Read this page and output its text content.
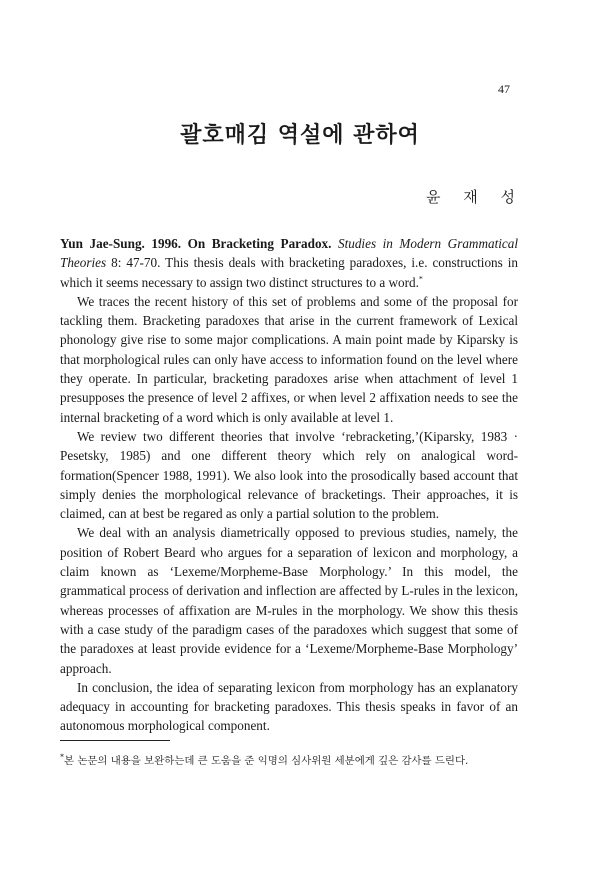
47
괄호매김 역설에 관하여
윤 재 성

Yun Jae-Sung. 1996. On Bracketing Paradox. Studies in Modern Grammatical Theories 8: 47-70. This thesis deals with bracketing paradoxes, i.e. constructions in which it seems necessary to assign two distinct structures to a word.*

We traces the recent history of this set of problems and some of the proposal for tackling them. Bracketing paradoxes that arise in the current framework of Lexical phonology give rise to some major complications. A main point made by Kiparsky is that morphological rules can only have access to information found on the level where they operate. In particular, bracketing paradoxes arise when attachment of level 1 presupposes the presence of level 2 affixes, or when level 2 affixation needs to see the internal bracketing of a word which is only available at level 1.

We review two different theories that involve ‘rebracketing,’(Kiparsky, 1983 · Pesetsky, 1985) and one different theory which rely on analogical word-formation(Spencer 1988, 1991). We also look into the prosodically based account that simply denies the morphological relevance of bracketings. Their approaches, it is claimed, can at best be regared as only a partial solution to the problem.

We deal with an analysis diametrically opposed to previous studies, namely, the position of Robert Beard who argues for a separation of lexicon and morphology, a claim known as ‘Lexeme/Morpheme-Base Morphology.’ In this model, the grammatical process of derivation and inflection are affected by L-rules in the lexicon, whereas processes of affixation are M-rules in the morphology. We show this thesis with a case study of the paradigm cases of the paradoxes which suggest that some of the paradoxes at least provide evidence for a ‘Lexeme/Morpheme-Base Morphology’ approach.

In conclusion, the idea of separating lexicon from morphology has an explanatory adequacy in accounting for bracketing paradoxes. This thesis speaks in favor of an autonomous morphological component.

*본 논문의 내용을 보완하는데 큰 도움을 준 익명의 심사위원 세분에게 깊은 감사를 드린다.
